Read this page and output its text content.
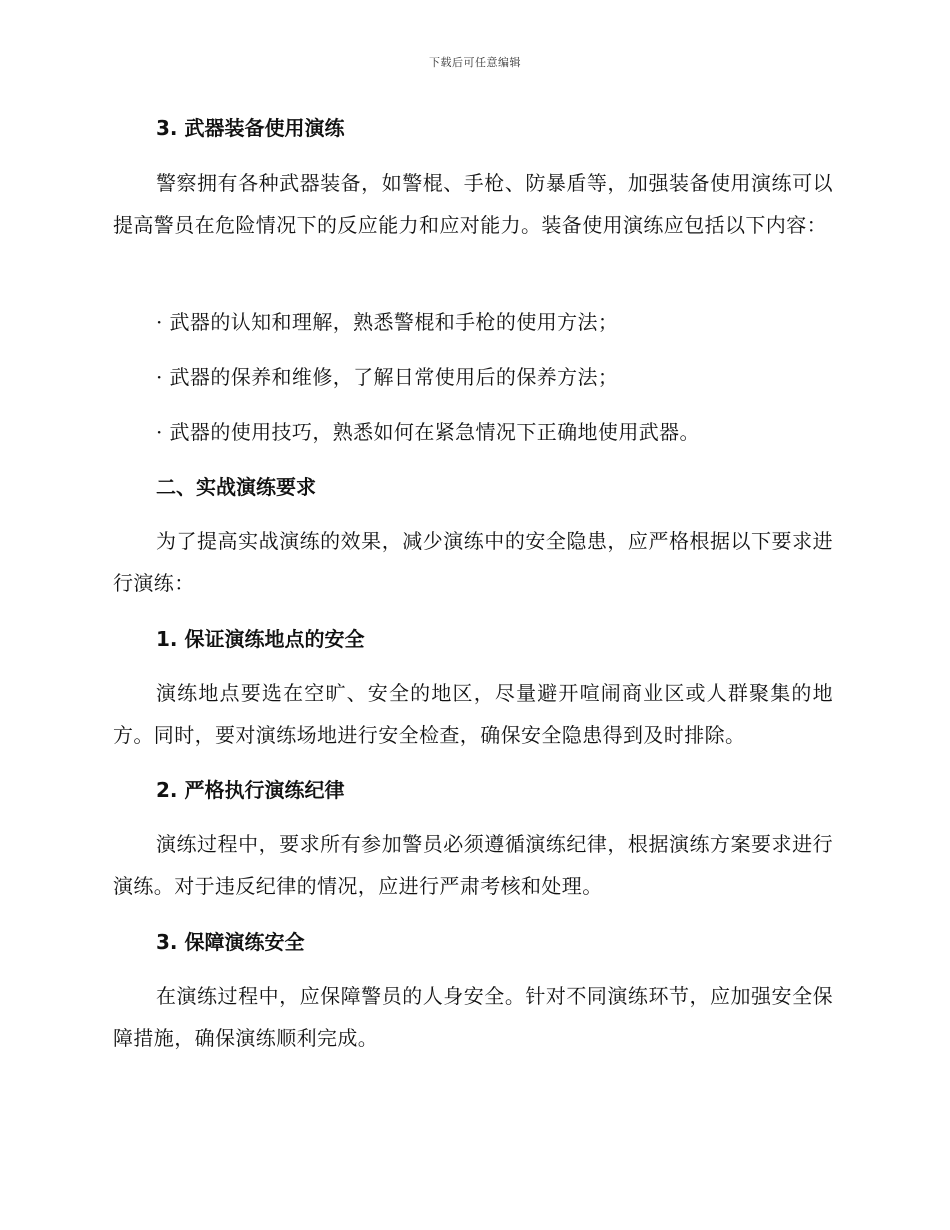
下载后可任意编辑
3. 武器装备使用演练
警察拥有各种武器装备，如警棍、手枪、防暴盾等，加强装备使用演练可以提高警员在危险情况下的反应能力和应对能力。装备使用演练应包括以下内容：
· 武器的认知和理解，熟悉警棍和手枪的使用方法；
· 武器的保养和维修，了解日常使用后的保养方法；
· 武器的使用技巧，熟悉如何在紧急情况下正确地使用武器。
二、实战演练要求
为了提高实战演练的效果，减少演练中的安全隐患，应严格根据以下要求进行演练：
1. 保证演练地点的安全
演练地点要选在空旷、安全的地区，尽量避开喧闹商业区或人群聚集的地方。同时，要对演练场地进行安全检查，确保安全隐患得到及时排除。
2. 严格执行演练纪律
演练过程中，要求所有参加警员必须遵循演练纪律，根据演练方案要求进行演练。对于违反纪律的情况，应进行严肃考核和处理。
3. 保障演练安全
在演练过程中，应保障警员的人身安全。针对不同演练环节，应加强安全保障措施，确保演练顺利完成。
